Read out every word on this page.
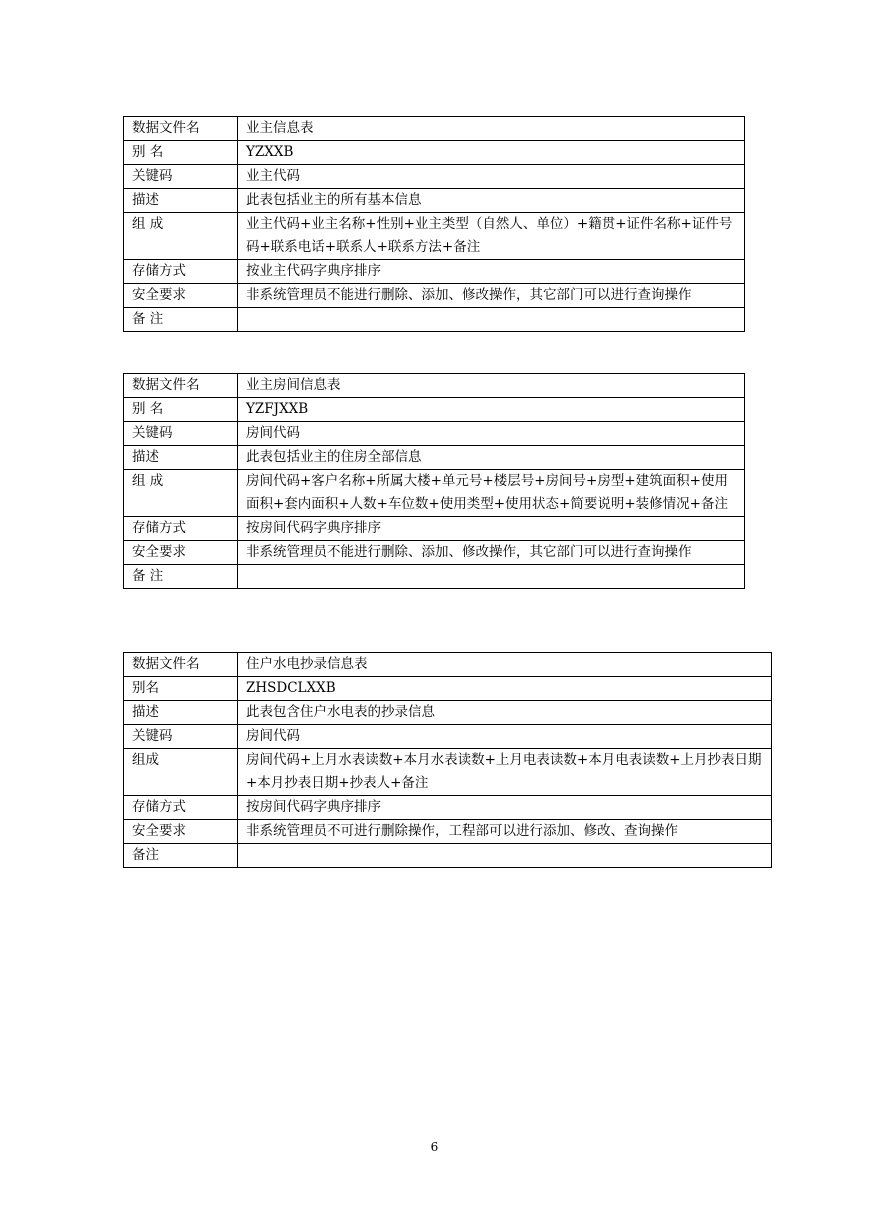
数据文件名	业主信息表
别 名	YZXXB
关键码	业主代码
描述	此表包括业主的所有基本信息
组 成	业主代码+业主名称+性别+业主类型（自然人、单位）+籍贯+证件名称+证件号码+联系电话+联系人+联系方法+备注
存储方式	按业主代码字典序排序
安全要求	非系统管理员不能进行删除、添加、修改操作，其它部门可以进行查询操作
备 注	
数据文件名	业主房间信息表
别 名	YZFJXXB
关键码	房间代码
描述	此表包括业主的住房全部信息
组 成	房间代码+客户名称+所属大楼+单元号+楼层号+房间号+房型+建筑面积+使用面积+套内面积+人数+车位数+使用类型+使用状态+简要说明+装修情况+备注
存储方式	按房间代码字典序排序
安全要求	非系统管理员不能进行删除、添加、修改操作，其它部门可以进行查询操作
备 注	
数据文件名	住户水电抄录信息表
别名	ZHSDCLXXB
描述	此表包含住户水电表的抄录信息
关键码	房间代码
组成	房间代码+上月水表读数+本月水表读数+上月电表读数+本月电表读数+上月抄表日期+本月抄表日期+抄表人+备注
存储方式	按房间代码字典序排序
安全要求	非系统管理员不可进行删除操作，工程部可以进行添加、修改、查询操作
备注	
6
